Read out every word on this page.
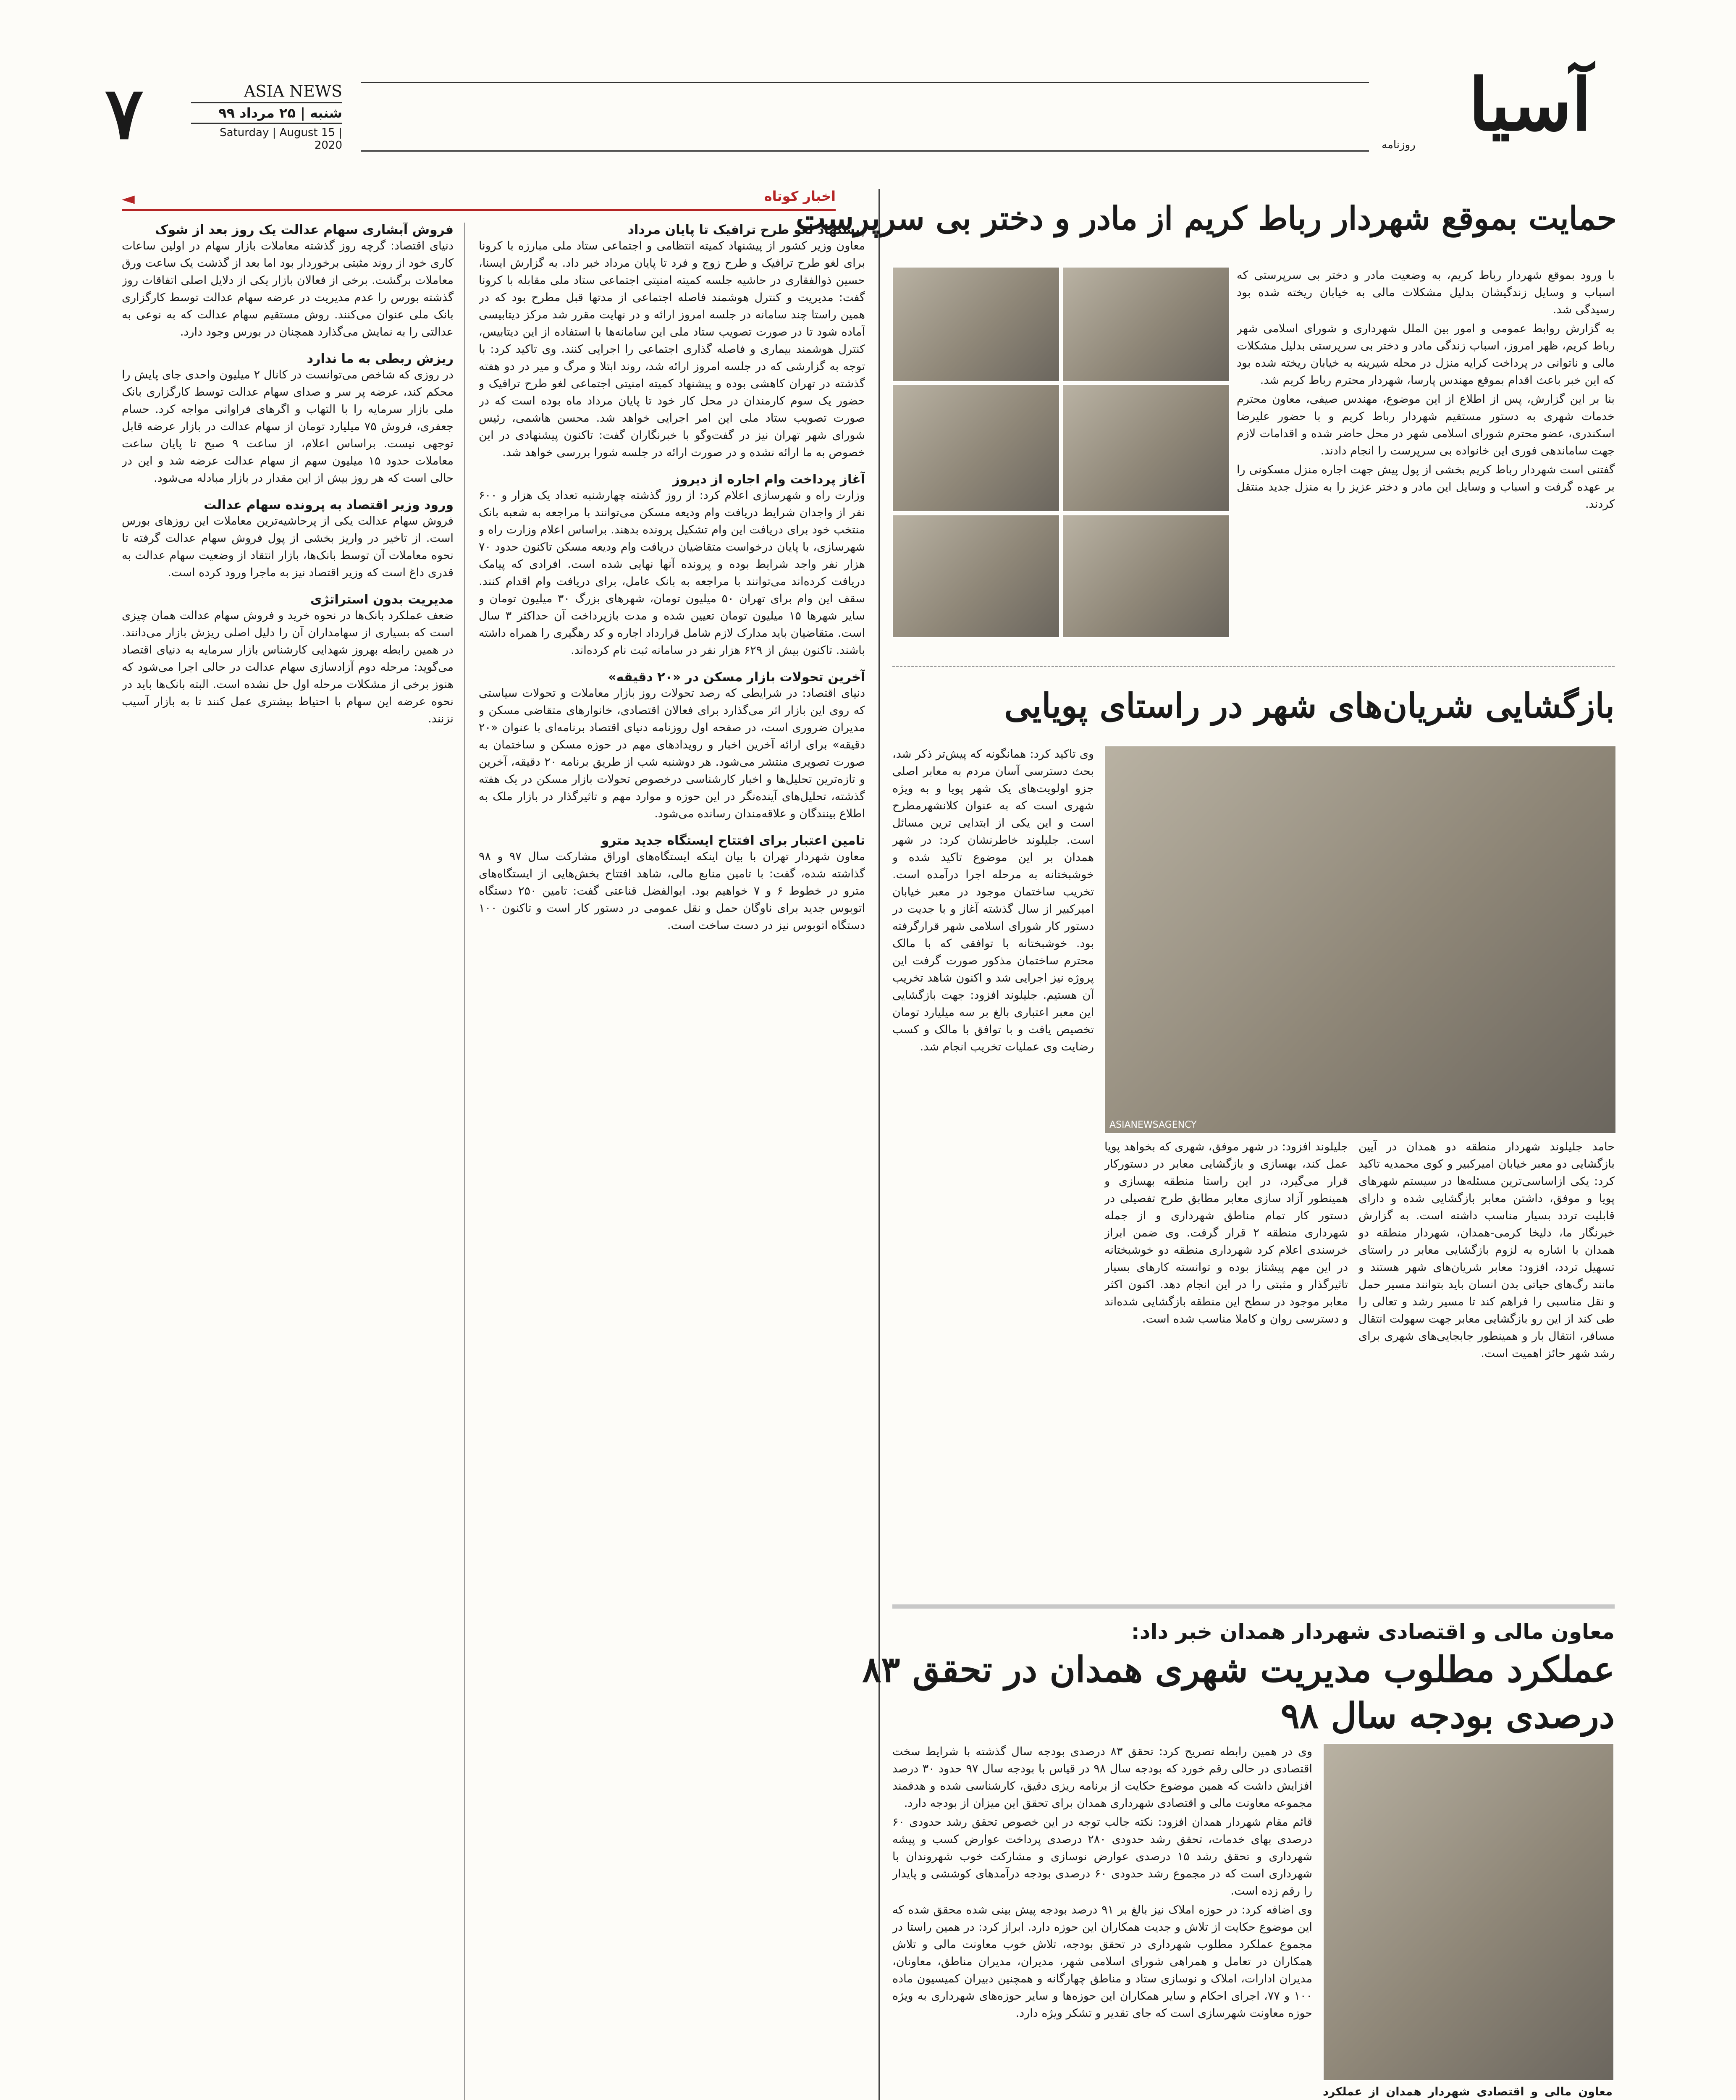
۷	ASIA NEWS
شنبه | ۲۵ مرداد ۹۹
Saturday | August 15 | 2020	آسیا
روزنامه
◄	اخبار کوتاه
حمایت بموقع شهردار رباط کریم از مادر و دختر بی سرپرست

با ورود بموقع شهردار رباط کریم، به وضعیت مادر و دختر بی سرپرستی که اسباب و وسایل زندگیشان بدلیل مشکلات مالی به خیابان ریخته شده بود رسیدگی شد.

به گزارش روابط عمومی و امور بین الملل شهرداری و شورای اسلامی شهر رباط کریم، ظهر امروز، اسباب زندگی مادر و دختر بی سرپرستی بدلیل مشکلات مالی و ناتوانی در پرداخت کرایه منزل در محله شیرینه به خیابان ریخته شده بود که این خبر باعث اقدام بموقع مهندس پارسا، شهردار محترم رباط کریم شد.

بنا بر این گزارش، پس از اطلاع از این موضوع، مهندس صیفی، معاون محترم خدمات شهری به دستور مستقیم شهردار رباط کریم و با حضور علیرضا اسکندری، عضو محترم شورای اسلامی شهر در محل حاضر شده و اقدامات لازم جهت ساماندهی فوری این خانواده بی سرپرست را انجام دادند.

گفتنی است شهردار رباط کریم بخشی از پول پیش جهت اجاره منزل مسکونی را بر عهده گرفت و اسباب و وسایل این مادر و دختر عزیز را به منزل جدید منتقل کردند.

بازگشایی شریان‌های شهر در راستای پویایی
ASIANEWSAGENCY
وی تاکید کرد: همانگونه که پیش‌تر ذکر شد، بحث دسترسی آسان مردم به معابر اصلی جزو اولویت‌های یک شهر پویا و به ویژه شهری است که به عنوان کلانشهرمطرح است و این یکی از ابتدایی ترین مسائل است. جلیلوند خاطرنشان کرد: در شهر همدان بر این موضوع تاکید شده و خوشبختانه به مرحله اجرا درآمده است. تخریب ساختمان موجود در معبر خیابان امیرکبیر از سال گذشته آغاز و با جدیت در دستور کار شورای اسلامی شهر قرارگرفته بود. خوشبختانه با توافقی که با مالک محترم ساختمان مذکور صورت گرفت این پروژه نیز اجرایی شد و اکنون شاهد تخریب آن هستیم. جلیلوند افزود: جهت بازگشایی این معبر اعتباری بالغ بر سه میلیارد تومان تخصیص یافت و با توافق با مالک و کسب رضایت وی عملیات تخریب انجام شد.
جلیلوند افزود: در شهر موفق، شهری که بخواهد پویا عمل کند، بهسازی و بازگشایی معابر در دستورکار قرار می‌گیرد، در این راستا منطقه بهسازی و همینطور آزاد سازی معابر مطابق طرح تفصیلی در دستور کار تمام مناطق شهرداری و از جمله شهرداری منطقه ۲ قرار گرفت. وی ضمن ابراز خرسندی اعلام کرد شهرداری منطقه دو خوشبختانه در این مهم پیشتاز بوده و توانسته کارهای بسیار تاثیرگذار و مثبتی را در این انجام دهد. اکنون اکثر معابر موجود در سطح این منطقه بازگشایی شده‌اند و دسترسی روان و کاملا مناسب شده است.
حامد جلیلوند شهردار منطقه دو همدان در آیین بازگشایی دو معبر خیابان امیرکبیر و کوی محمدیه تاکید کرد: یکی ازاساسی‌ترین مسئله‌ها در سیستم شهرهای پویا و موفق، داشتن معابر بازگشایی شده و دارای قابلیت تردد بسیار مناسب داشته است. به گزارش خبرنگار ما، دلیخا کرمی-همدان، شهردار منطقه دو همدان با اشاره به لزوم بازگشایی معابر در راستای تسهیل تردد، افزود: معابر شریان‌های شهر هستند و مانند رگ‌های حیاتی بدن انسان باید بتوانند مسیر حمل و نقل مناسبی را فراهم کند تا مسیر رشد و تعالی را طی کند از این رو بازگشایی معابر جهت سهولت انتقال مسافر، انتقال بار و همینطور جابجایی‌های شهری برای رشد شهر حائز اهمیت است.
معاون مالی و اقتصادی شهردار همدان خبر داد:
عملکرد مطلوب مدیریت شهری همدان در تحقق ۸۳
درصدی بودجه سال ۹۸

معاون مالی و اقتصادی شهردار همدان از عملکرد

وی در همین رابطه تصریح کرد: تحقق ۸۳ درصدی بودجه سال گذشته با شرایط سخت اقتصادی در حالی رقم خورد که بودجه سال ۹۸ در قیاس با بودجه سال ۹۷ حدود ۳۰ درصد افزایش داشت که همین موضوع حکایت از برنامه ریزی دقیق، کارشناسی شده و هدفمند مجموعه معاونت مالی و اقتصادی شهرداری همدان برای تحقق این میزان از بودجه دارد.

قائم مقام شهردار همدان افزود: نکته جالب توجه در این خصوص تحقق رشد حدودی ۶۰ درصدی بهای خدمات، تحقق رشد حدودی ۲۸۰ درصدی پرداخت عوارض کسب و پیشه شهرداری و تحقق رشد ۱۵ درصدی عوارض نوسازی و مشارکت خوب شهروندان با شهرداری است که در مجموع رشد حدودی ۶۰ درصدی بودجه درآمدهای کوششی و پایدار را رقم زده است.

وی اضافه کرد: در حوزه املاک نیز بالغ بر ۹۱ درصد بودجه پیش بینی شده محقق شده که این موضوع حکایت از تلاش و جدیت همکاران این حوزه دارد. ابراز کرد: در همین راستا در مجموع عملکرد مطلوب شهرداری در تحقق بودجه، تلاش خوب معاونت مالی و تلاش همکاران در تعامل و همراهی شورای اسلامی شهر، مدیران، مدیران مناطق، معاونان، مدیران ادارات، املاک و نوسازی ستاد و مناطق چهارگانه و همچنین دبیران کمیسیون ماده ۱۰۰ و ۷۷، اجرای احکام و سایر همکاران این حوزه‌ها و سایر حوزه‌های شهرداری به ویژه حوزه معاونت شهرسازی است که جای تقدیر و تشکر ویژه دارد.

پیشنهاد لغو طرح ترافیک تا پایان مرداد
معاون وزیر کشور از پیشنهاد کمیته انتظامی و اجتماعی ستاد ملی مبارزه با کرونا برای لغو طرح ترافیک و طرح زوج و فرد تا پایان مرداد خبر داد. به گزارش ایسنا، حسین ذوالفقاری در حاشیه جلسه کمیته امنیتی اجتماعی ستاد ملی مقابله با کرونا گفت: مدیریت و کنترل هوشمند فاصله اجتماعی از مدتها قبل مطرح بود که در همین راستا چند سامانه در جلسه امروز ارائه و در نهایت مقرر شد مرکز دیتابیسی آماده شود تا در صورت تصویب ستاد ملی این سامانه‌ها با استفاده از این دیتابیس، کنترل هوشمند بیماری و فاصله گذاری اجتماعی را اجرایی کنند. وی تاکید کرد: با توجه به گزارشی که در جلسه امروز ارائه شد، روند ابتلا و مرگ و میر در دو هفته گذشته در تهران کاهشی بوده و پیشنهاد کمیته امنیتی اجتماعی لغو طرح ترافیک و حضور یک سوم کارمندان در محل کار خود تا پایان مرداد ماه بوده است که در صورت تصویب ستاد ملی این امر اجرایی خواهد شد. محسن هاشمی، رئیس شورای شهر تهران نیز در گفت‌وگو با خبرنگاران گفت: تاکنون پیشنهادی در این خصوص به ما ارائه نشده و در صورت ارائه در جلسه شورا بررسی خواهد شد.
آغاز پرداخت وام اجاره از دیروز
وزارت راه و شهرسازی اعلام کرد: از روز گذشته چهارشنبه تعداد یک هزار و ۶۰۰ نفر از واجدان شرایط دریافت وام ودیعه مسکن می‌توانند با مراجعه به شعبه بانک منتخب خود برای دریافت این وام تشکیل پرونده بدهند. براساس اعلام وزارت راه و شهرسازی، با پایان درخواست متقاضیان دریافت وام ودیعه مسکن تاکنون حدود ۷۰ هزار نفر واجد شرایط بوده و پرونده آنها نهایی شده است. افرادی که پیامک دریافت کرده‌اند می‌توانند با مراجعه به بانک عامل، برای دریافت وام اقدام کنند. سقف این وام برای تهران ۵۰ میلیون تومان، شهرهای بزرگ ۳۰ میلیون تومان و سایر شهرها ۱۵ میلیون تومان تعیین شده و مدت بازپرداخت آن حداکثر ۳ سال است. متقاضیان باید مدارک لازم شامل قرارداد اجاره و کد رهگیری را همراه داشته باشند. تاکنون بیش از ۶۲۹ هزار نفر در سامانه ثبت نام کرده‌اند.
آخرین تحولات بازار مسکن در «۲۰ دقیقه»
دنیای اقتصاد: در شرایطی که رصد تحولات روز بازار معاملات و تحولات سیاستی که روی این بازار اثر می‌گذارد برای فعالان اقتصادی، خانوارهای متقاضی مسکن و مدیران ضروری است، در صفحه اول روزنامه دنیای اقتصاد برنامه‌ای با عنوان «۲۰ دقیقه» برای ارائه آخرین اخبار و رویدادهای مهم در حوزه مسکن و ساختمان به صورت تصویری منتشر می‌شود. هر دوشنبه شب از طریق برنامه ۲۰ دقیقه، آخرین و تازه‌ترین تحلیل‌ها و اخبار کارشناسی درخصوص تحولات بازار مسکن در یک هفته گذشته، تحلیل‌های آینده‌نگر در این حوزه و موارد مهم و تاثیرگذار در بازار ملک به اطلاع بینندگان و علاقه‌مندان رسانده می‌شود.
تامین اعتبار برای افتتاح ایستگاه جدید مترو
معاون شهردار تهران با بیان اینکه ایستگاه‌های اوراق مشارکت سال ۹۷ و ۹۸ گذاشته شده، گفت: با تامین منابع مالی، شاهد افتتاح بخش‌هایی از ایستگاه‌های مترو در خطوط ۶ و ۷ خواهیم بود. ابوالفضل قناعتی گفت: تامین ۲۵۰ دستگاه اتوبوس جدید برای ناوگان حمل و نقل عمومی در دستور کار است و تاکنون ۱۰۰ دستگاه اتوبوس نیز در دست ساخت است.
فروش آبشاری سهام عدالت یک روز بعد از شوک
دنیای اقتصاد: گرچه روز گذشته معاملات بازار سهام در اولین ساعات کاری خود از روند مثبتی برخوردار بود اما بعد از گذشت یک ساعت ورق معاملات برگشت. برخی از فعالان بازار یکی از دلایل اصلی اتفاقات روز گذشته بورس را عدم مدیریت در عرضه سهام عدالت توسط کارگزاری بانک ملی عنوان می‌کنند. روش مستقیم سهام عدالت که به نوعی به عدالتی را به نمایش می‌گذارد همچنان در بورس وجود دارد.
ریزش ربطی به ما ندارد
در روزی که شاخص می‌توانست در کانال ۲ میلیون واحدی جای پایش را محکم کند، عرضه پر سر و صدای سهام عدالت توسط کارگزاری بانک ملی بازار سرمایه را با التهاب و اگرهای فراوانی مواجه کرد. حسام جعفری، فروش ۷۵ میلیارد تومان از سهام عدالت در بازار عرضه قابل توجهی نیست. براساس اعلام، از ساعت ۹ صبح تا پایان ساعت معاملات حدود ۱۵ میلیون سهم از سهام عدالت عرضه شد و این در حالی است که هر روز بیش از این مقدار در بازار مبادله می‌شود.
ورود وزیر اقتصاد به پرونده سهام عدالت
فروش سهام عدالت یکی از پرحاشیه‌ترین معاملات این روزهای بورس است. از تاخیر در واریز بخشی از پول فروش سهام عدالت گرفته تا نحوه معاملات آن توسط بانک‌ها، بازار انتقاد از وضعیت سهام عدالت به قدری داغ است که وزیر اقتصاد نیز به ماجرا ورود کرده است.
مدیریت بدون استراتژی
ضعف عملکرد بانک‌ها در نحوه خرید و فروش سهام عدالت همان چیزی است که بسیاری از سهامداران آن را دلیل اصلی ریزش بازار می‌دانند. در همین رابطه بهروز شهدایی کارشناس بازار سرمایه به دنیای اقتصاد می‌گوید: مرحله دوم آزادسازی سهام عدالت در حالی اجرا می‌شود که هنوز برخی از مشکلات مرحله اول حل نشده است. البته بانک‌ها باید در نحوه عرضه این سهام با احتیاط بیشتری عمل کنند تا به بازار آسیب نزنند.
